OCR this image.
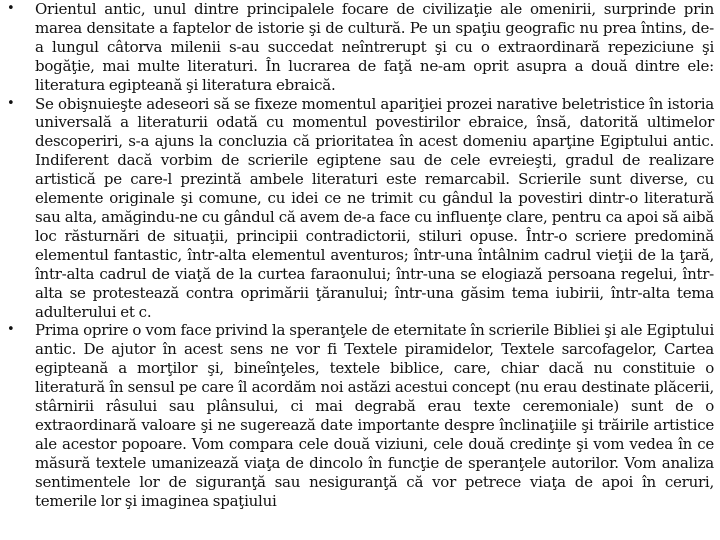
• Orientul antic, unul dintre principalele focare de civilizaţie ale omenirii, surprinde prin marea densitate a faptelor de istorie şi de cultură. Pe un spaţiu geografic nu prea întins, de-a lungul câtorva milenii s-au succedat neîntrerupt şi cu o extraordinară repeziciune şi bogăţie, mai multe literaturi. În lucrarea de faţă ne-am oprit asupra a două dintre ele: literatura egipteană şi literatura ebraică.
• Se obişnuieşte adeseori să se fixeze momentul apariţiei prozei narative beletristice în istoria universală a literaturii odată cu momentul povestirilor ebraice, însă, datorită ultimelor descoperiri, s-a ajuns la concluzia că prioritatea în acest domeniu aparţine Egiptului antic. Indiferent dacă vorbim de scrierile egiptene sau de cele evreieşti, gradul de realizare artistică pe care-l prezintă ambele literaturi este remarcabil. Scrierile sunt diverse, cu elemente originale şi comune, cu idei ce ne trimit cu gândul la povestiri dintr-o literatură sau alta, amăgindu-ne cu gândul că avem de-a face cu influenţe clare, pentru ca apoi să aibă loc răsturnări de situaţii, principii contradictorii, stiluri opuse. Într-o scriere predomină elementul fantastic, într-alta elementul aventuros; într-una întâlnim cadrul vieţii de la ţară, într-alta cadrul de viaţă de la curtea faraonului; într-una se elogiază persoana regelui, într-alta se protestează contra oprimării ţăranului; într-una găsim tema iubirii, într-alta tema adulterului et c.
• Prima oprire o vom face privind la speranţele de eternitate în scrierile Bibliei şi ale Egiptului antic. De ajutor în acest sens ne vor fi Textele piramidelor, Textele sarcofagelor, Cartea egipteană a morţilor şi, bineînţeles, textele biblice, care, chiar dacă nu constituie o literatură în sensul pe care îl acordăm noi astăzi acestui concept (nu erau destinate plăcerii, stârnirii râsului sau plânsului, ci mai degrabă erau texte ceremoniale) sunt de o extraordinară valoare şi ne sugerează date importante despre înclinaţiile şi trăirile artistice ale acestor popoare. Vom compara cele două viziuni, cele două credinţe şi vom vedea în ce măsură textele umanizează viaţa de dincolo în funcţie de speranţele autorilor. Vom analiza sentimentele lor de siguranţă sau nesiguranţă că vor petrece viaţa de apoi în ceruri, temerile lor şi imaginea spaţiului
